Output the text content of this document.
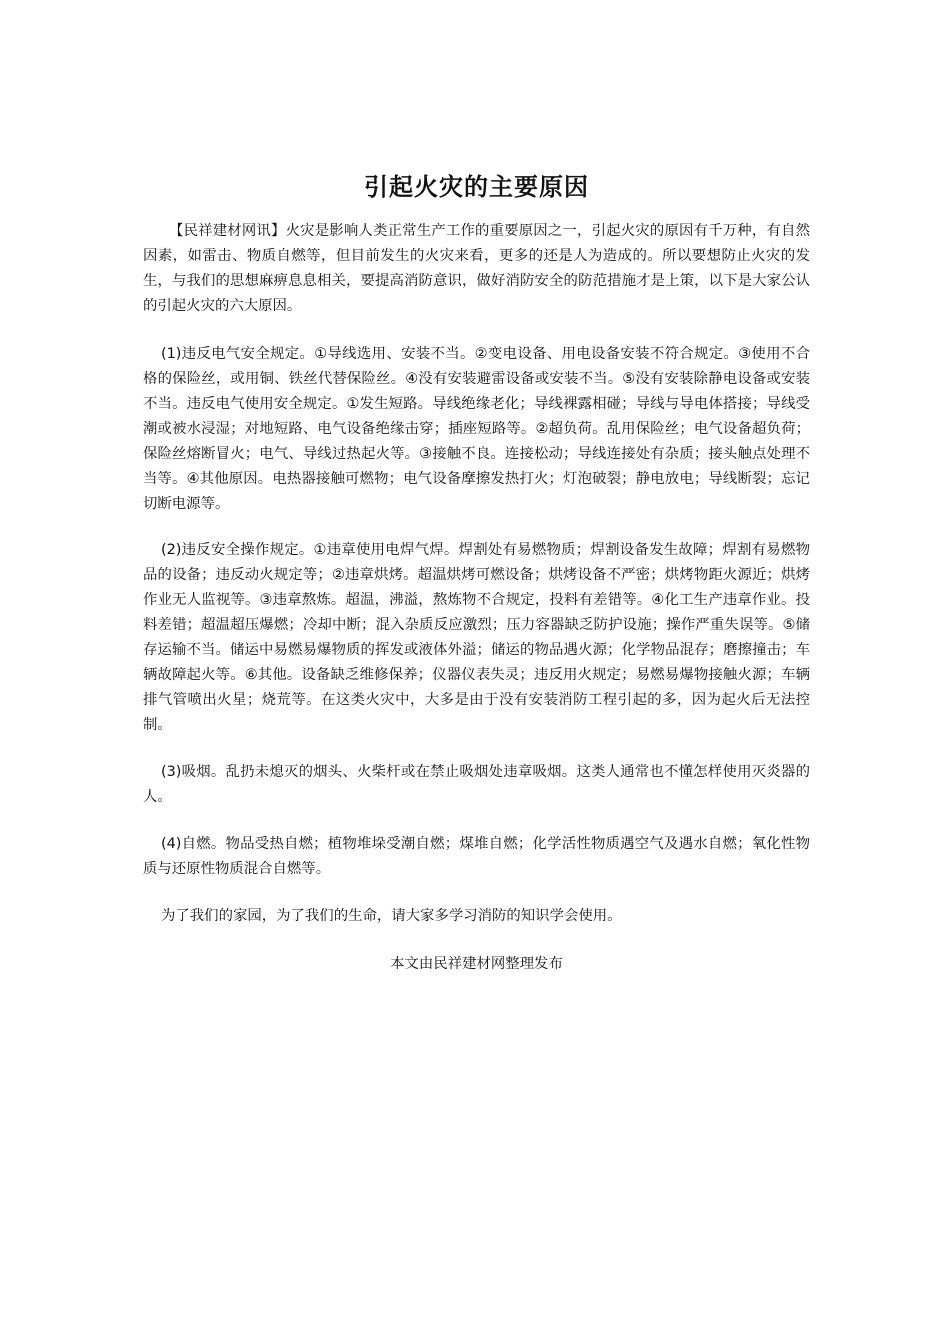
引起火灾的主要原因

【民祥建材网讯】火灾是影响人类正常生产工作的重要原因之一，引起火灾的原因有千万种，有自然因素，如雷击、物质自燃等，但目前发生的火灾来看，更多的还是人为造成的。所以要想防止火灾的发生，与我们的思想麻痹息息相关，要提高消防意识，做好消防安全的防范措施才是上策，以下是大家公认的引起火灾的六大原因。

(1)违反电气安全规定。①导线选用、安装不当。②变电设备、用电设备安装不符合规定。③使用不合格的保险丝，或用铜、铁丝代替保险丝。④没有安装避雷设备或安装不当。⑤没有安装除静电设备或安装不当。违反电气使用安全规定。①发生短路。导线绝缘老化；导线裸露相碰；导线与导电体搭接；导线受潮或被水浸湿；对地短路、电气设备绝缘击穿；插座短路等。②超负荷。乱用保险丝；电气设备超负荷；保险丝熔断冒火；电气、导线过热起火等。③接触不良。连接松动；导线连接处有杂质；接头触点处理不当等。④其他原因。电热器接触可燃物；电气设备摩擦发热打火；灯泡破裂；静电放电；导线断裂；忘记切断电源等。

(2)违反安全操作规定。①违章使用电焊气焊。焊割处有易燃物质；焊割设备发生故障；焊割有易燃物品的设备；违反动火规定等；②违章烘烤。超温烘烤可燃设备；烘烤设备不严密；烘烤物距火源近；烘烤作业无人监视等。③违章熬炼。超温，沸溢，熬炼物不合规定，投料有差错等。④化工生产违章作业。投料差错；超温超压爆燃；冷却中断；混入杂质反应激烈；压力容器缺乏防护设施；操作严重失误等。⑤储存运输不当。储运中易燃易爆物质的挥发或液体外溢；储运的物品遇火源；化学物品混存；磨擦撞击；车辆故障起火等。⑥其他。设备缺乏维修保养；仪器仪表失灵；违反用火规定；易燃易爆物接触火源；车辆排气管喷出火星；烧荒等。在这类火灾中，大多是由于没有安装消防工程引起的多，因为起火后无法控制。

(3)吸烟。乱扔未熄灭的烟头、火柴杆或在禁止吸烟处违章吸烟。这类人通常也不懂怎样使用灭炎器的人。

(4)自燃。物品受热自燃；植物堆垛受潮自燃；煤堆自燃；化学活性物质遇空气及遇水自燃；氧化性物质与还原性物质混合自燃等。

为了我们的家园，为了我们的生命，请大家多学习消防的知识学会使用。

本文由民祥建材网整理发布
